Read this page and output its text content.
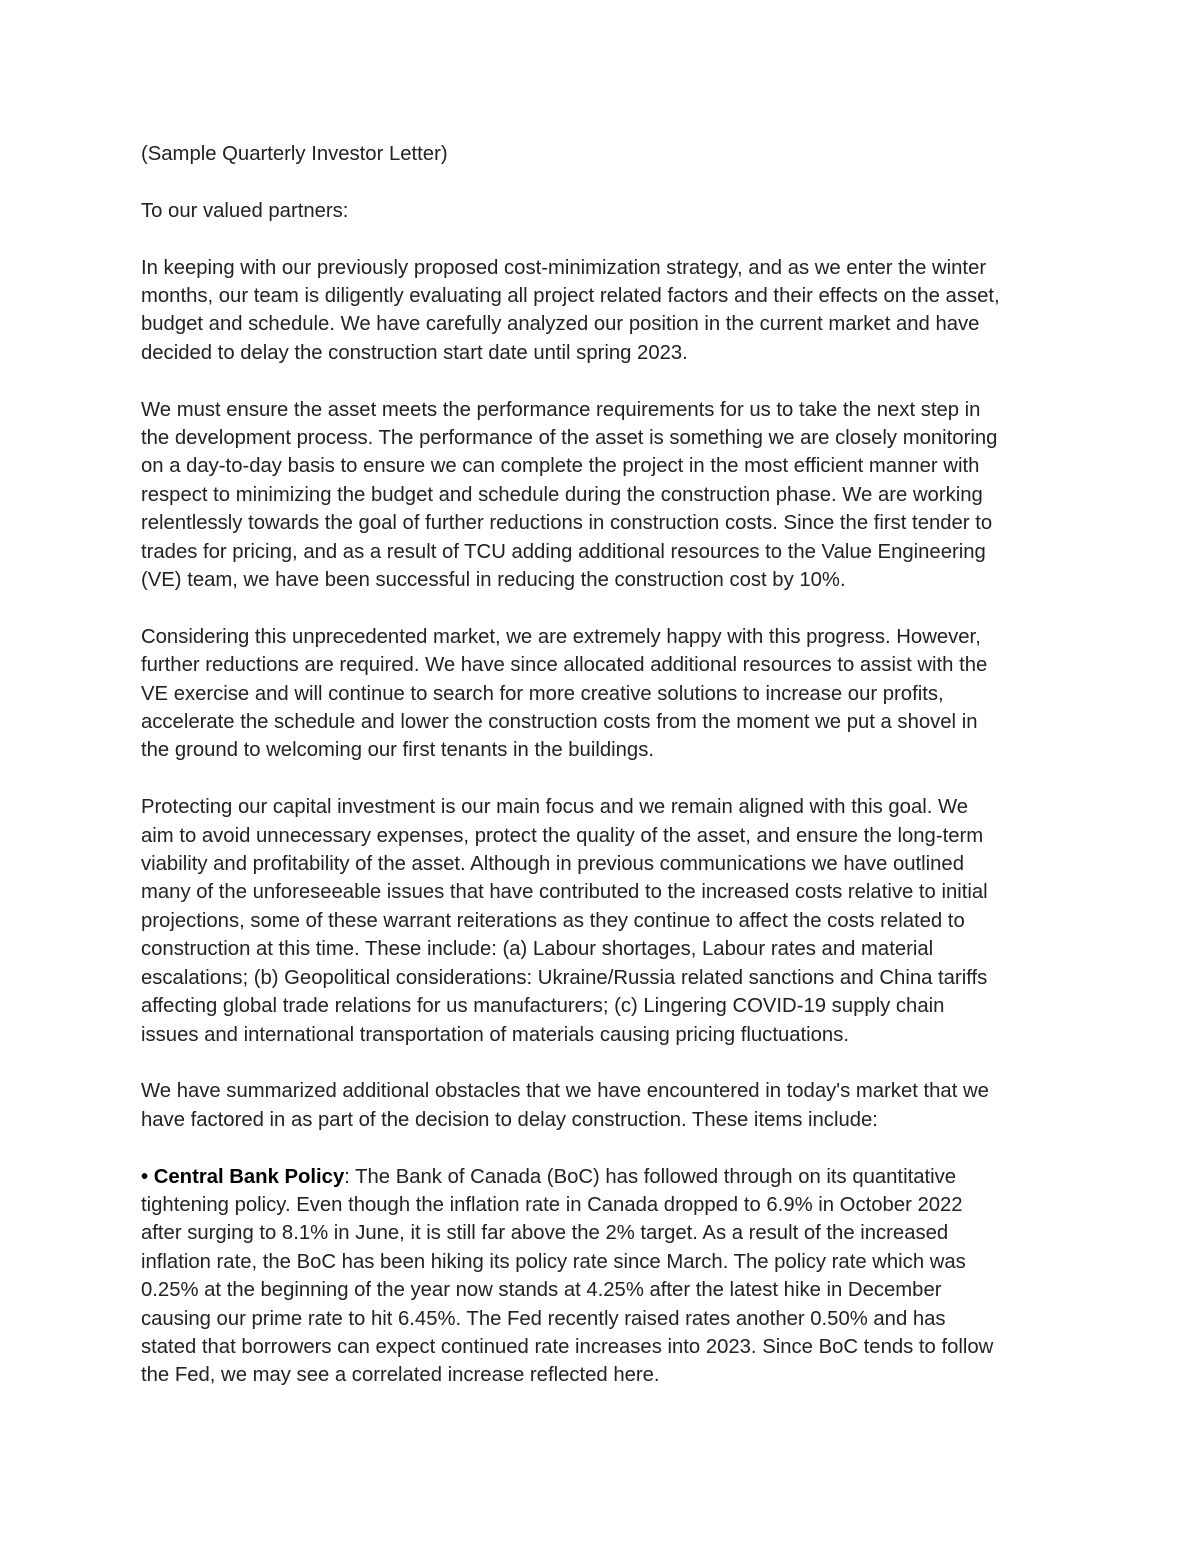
(Sample Quarterly Investor Letter)

To our valued partners:

In keeping with our previously proposed cost-minimization strategy, and as we enter the winter
months, our team is diligently evaluating all project related factors and their effects on the asset,
budget and schedule. We have carefully analyzed our position in the current market and have
decided to delay the construction start date until spring 2023.

We must ensure the asset meets the performance requirements for us to take the next step in
the development process. The performance of the asset is something we are closely monitoring
on a day-to-day basis to ensure we can complete the project in the most efficient manner with
respect to minimizing the budget and schedule during the construction phase. We are working
relentlessly towards the goal of further reductions in construction costs. Since the first tender to
trades for pricing, and as a result of TCU adding additional resources to the Value Engineering
(VE) team, we have been successful in reducing the construction cost by 10%.

Considering this unprecedented market, we are extremely happy with this progress. However,
further reductions are required. We have since allocated additional resources to assist with the
VE exercise and will continue to search for more creative solutions to increase our profits,
accelerate the schedule and lower the construction costs from the moment we put a shovel in
the ground to welcoming our first tenants in the buildings.

Protecting our capital investment is our main focus and we remain aligned with this goal. We
aim to avoid unnecessary expenses, protect the quality of the asset, and ensure the long-term
viability and profitability of the asset. Although in previous communications we have outlined
many of the unforeseeable issues that have contributed to the increased costs relative to initial
projections, some of these warrant reiterations as they continue to affect the costs related to
construction at this time. These include: (a) Labour shortages, Labour rates and material
escalations; (b) Geopolitical considerations: Ukraine/Russia related sanctions and China tariffs
affecting global trade relations for us manufacturers; (c) Lingering COVID-19 supply chain
issues and international transportation of materials causing pricing fluctuations.

We have summarized additional obstacles that we have encountered in today's market that we
have factored in as part of the decision to delay construction. These items include:

• Central Bank Policy: The Bank of Canada (BoC) has followed through on its quantitative
tightening policy. Even though the inflation rate in Canada dropped to 6.9% in October 2022
after surging to 8.1% in June, it is still far above the 2% target. As a result of the increased
inflation rate, the BoC has been hiking its policy rate since March. The policy rate which was
0.25% at the beginning of the year now stands at 4.25% after the latest hike in December
causing our prime rate to hit 6.45%. The Fed recently raised rates another 0.50% and has
stated that borrowers can expect continued rate increases into 2023. Since BoC tends to follow
the Fed, we may see a correlated increase reflected here.
